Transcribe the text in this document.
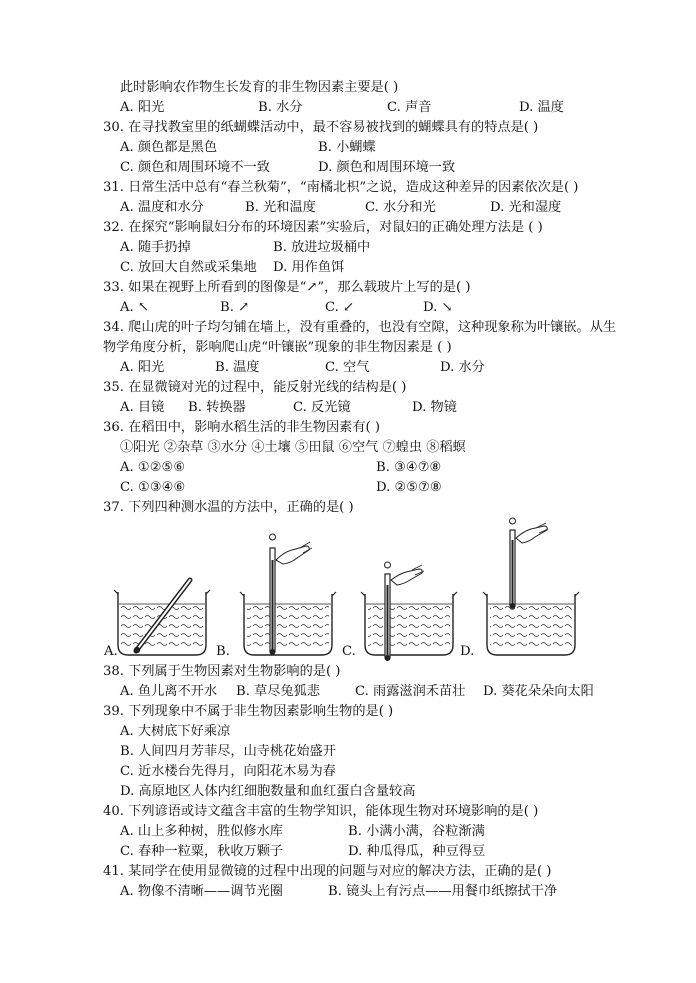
此时影响农作物生长发育的非生物因素主要是( )
A. 阳光	B. 水分	C. 声音	D. 温度
30. 在寻找教室里的纸蝴蝶活动中，最不容易被找到的蝴蝶具有的特点是( )
A. 颜色都是黑色	B. 小蝴蝶
C. 颜色和周围环境不一致	D. 颜色和周围环境一致
31. 日常生活中总有“春兰秋菊”，“南橘北枳”之说，造成这种差异的因素依次是( )
A. 温度和水分	B. 光和温度	C. 水分和光	D. 光和湿度
32. 在探究“影响鼠妇分布的环境因素”实验后，对鼠妇的正确处理方法是 ( )
A. 随手扔掉	B. 放进垃圾桶中
C. 放回大自然或采集地 D. 用作鱼饵
33. 如果在视野上所看到的图像是“↗”，那么载玻片上写的是( )
A. ↖	B. ↗	C. ↙	D. ↘
34. 爬山虎的叶子均匀铺在墙上，没有重叠的，也没有空隙，这种现象称为叶镶嵌。从生
物学角度分析，影响爬山虎“叶镶嵌”现象的非生物因素是 ( )
A. 阳光	B. 温度	C. 空气	D. 水分
35. 在显微镜对光的过程中，能反射光线的结构是( )
A. 目镜 B. 转换器	C. 反光镜	D. 物镜
36. 在稻田中，影响水稻生活的非生物因素有( )
①阳光 ②杂草 ③水分 ④土壤 ⑤田鼠 ⑥空气 ⑦蝗虫 ⑧稻螟
A. ①②⑤⑥	B. ③④⑦⑧
C. ①③④⑥	D. ②⑤⑦⑧
37. 下列四种测水温的方法中，正确的是( )
A.	B.	C.	D.
38. 下列属于生物因素对生物影响的是( )
A. 鱼儿离不开水 B. 草尽兔狐悲	C. 雨露滋润禾苗壮 D. 葵花朵朵向太阳
39. 下列现象中不属于非生物因素影响生物的是( )
A. 大树底下好乘凉
B. 人间四月芳菲尽，山寺桃花始盛开
C. 近水楼台先得月，向阳花木易为春
D. 高原地区人体内红细胞数量和血红蛋白含量较高
40. 下列谚语或诗文蕴含丰富的生物学知识，能体现生物对环境影响的是( )
A. 山上多种树，胜似修水库	B. 小满小满，谷粒渐满
C. 春种一粒粟，秋收万颗子	D. 种瓜得瓜，种豆得豆
41. 某同学在使用显微镜的过程中出现的问题与对应的解决方法，正确的是( )
A. 物像不清晰——调节光圈	B. 镜头上有污点——用餐巾纸擦拭干净
